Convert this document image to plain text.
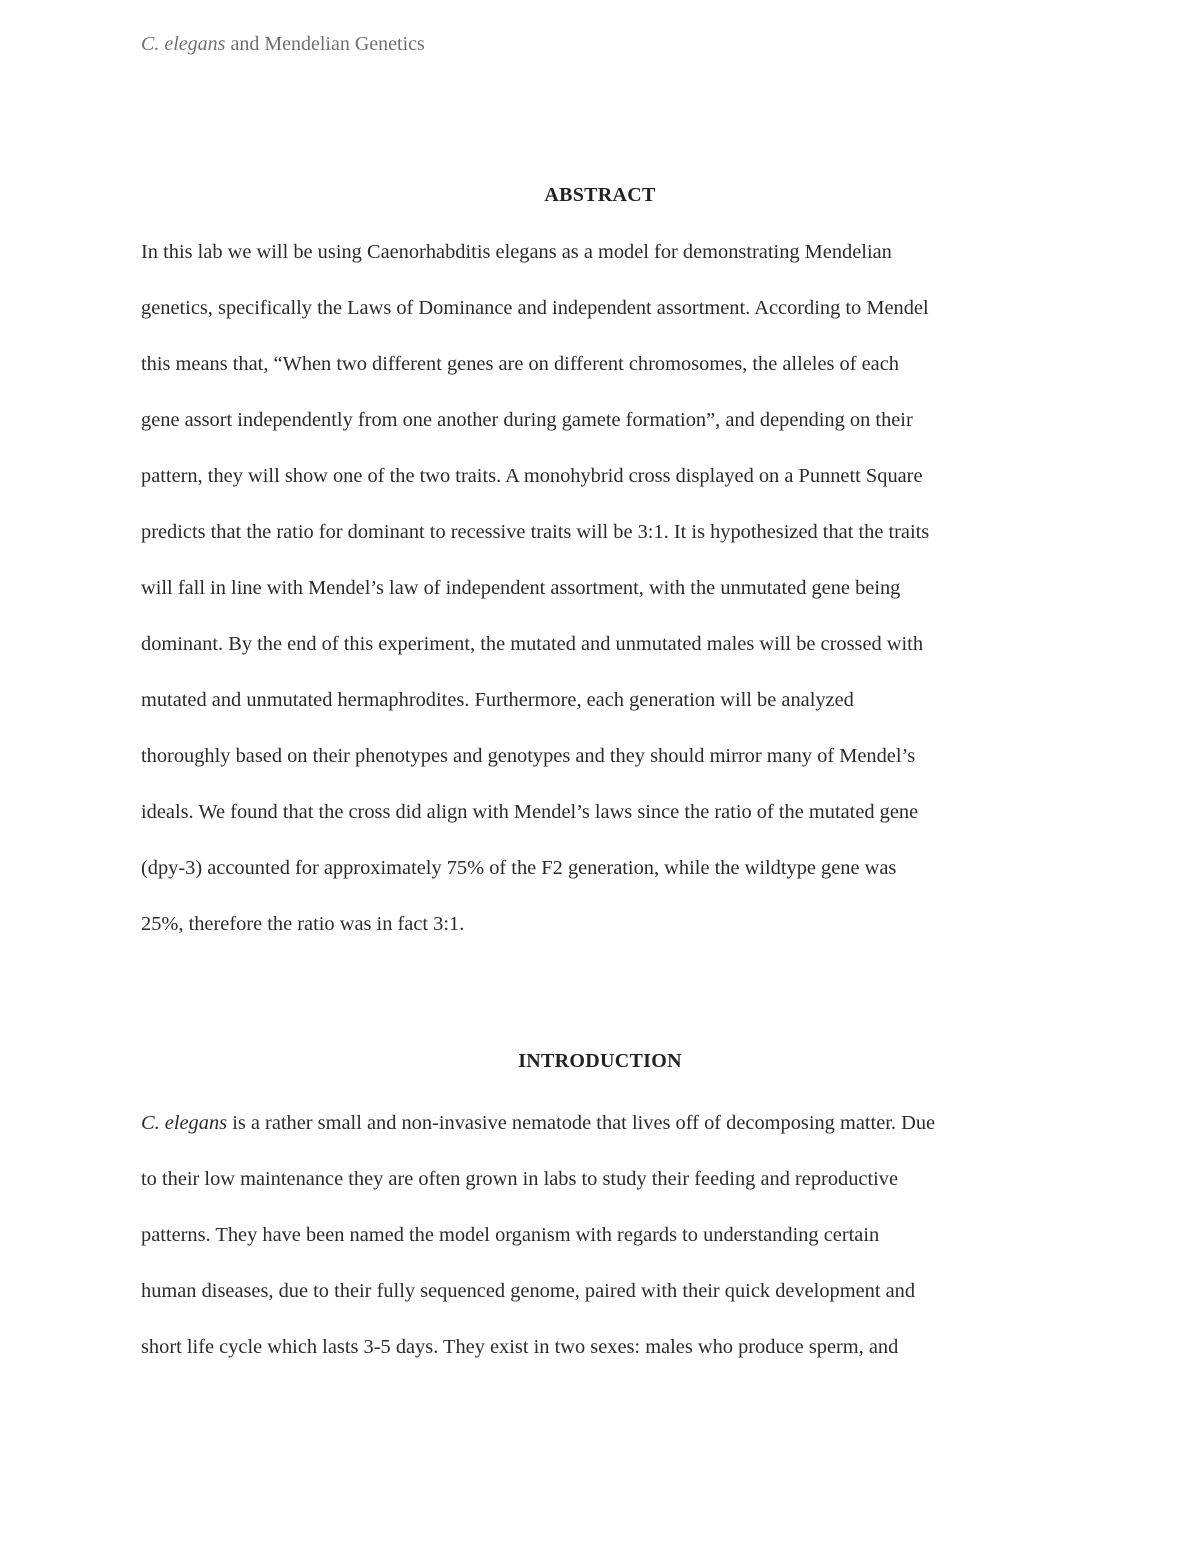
C. elegans and Mendelian Genetics
ABSTRACT
In this lab we will be using Caenorhabditis elegans as a model for demonstrating Mendelian
genetics, specifically the Laws of Dominance and independent assortment. According to Mendel
this means that, “When two different genes are on different chromosomes, the alleles of each
gene assort independently from one another during gamete formation”, and depending on their
pattern, they will show one of the two traits. A monohybrid cross displayed on a Punnett Square
predicts that the ratio for dominant to recessive traits will be 3:1. It is hypothesized that the traits
will fall in line with Mendel’s law of independent assortment, with the unmutated gene being
dominant. By the end of this experiment, the mutated and unmutated males will be crossed with
mutated and unmutated hermaphrodites. Furthermore, each generation will be analyzed
thoroughly based on their phenotypes and genotypes and they should mirror many of Mendel’s
ideals. We found that the cross did align with Mendel’s laws since the ratio of the mutated gene
(dpy-3) accounted for approximately 75% of the F2 generation, while the wildtype gene was
25%, therefore the ratio was in fact 3:1.
INTRODUCTION
C. elegans is a rather small and non-invasive nematode that lives off of decomposing matter. Due
to their low maintenance they are often grown in labs to study their feeding and reproductive
patterns. They have been named the model organism with regards to understanding certain
human diseases, due to their fully sequenced genome, paired with their quick development and
short life cycle which lasts 3-5 days. They exist in two sexes: males who produce sperm, and
